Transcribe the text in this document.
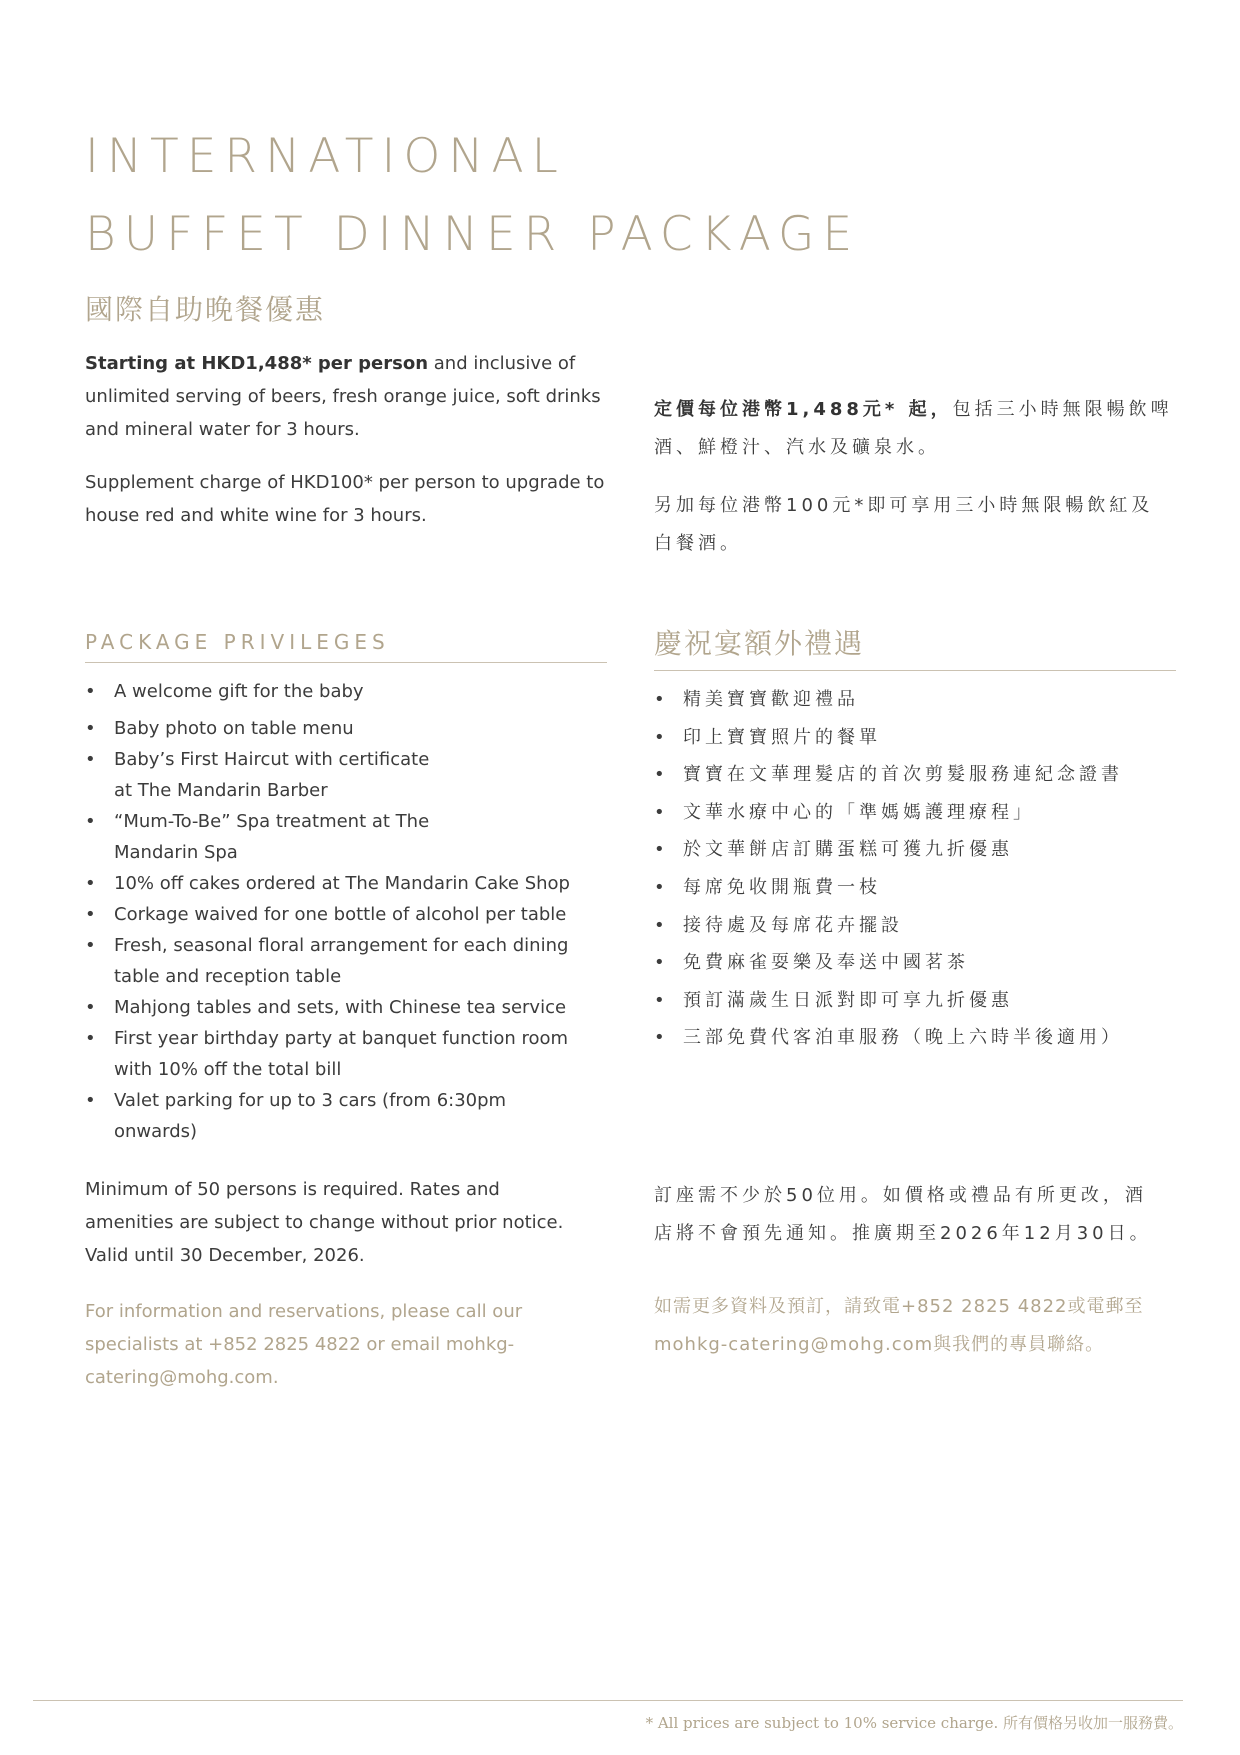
INTERNATIONAL
BUFFET DINNER PACKAGE
國際自助晚餐優惠

Starting at HKD1,488* per person and inclusive of unlimited serving of beers, fresh orange juice, soft drinks and mineral water for 3 hours.

Supplement charge of HKD100* per person to upgrade to house red and white wine for 3 hours.

定價每位港幣1,488元* 起，包括三小時無限暢飲啤酒、鮮橙汁、汽水及礦泉水。

另加每位港幣100元*即可享用三小時無限暢飲紅及白餐酒。

PACKAGE PRIVILEGES	慶祝宴額外禮遇
• A welcome gift for the baby
• Baby photo on table menu
• Baby’s First Haircut with certificate at The Mandarin Barber
• “Mum-To-Be” Spa treatment at The Mandarin Spa
• 10% off cakes ordered at The Mandarin Cake Shop
• Corkage waived for one bottle of alcohol per table
• Fresh, seasonal floral arrangement for each dining table and reception table
• Mahjong tables and sets, with Chinese tea service
• First year birthday party at banquet function room with 10% off the total bill
• Valet parking for up to 3 cars (from 6:30pm onwards)
• 精美寶寶歡迎禮品
• 印上寶寶照片的餐單
• 寶寶在文華理髮店的首次剪髮服務連紀念證書
• 文華水療中心的「準媽媽護理療程」
• 於文華餅店訂購蛋糕可獲九折優惠
• 每席免收開瓶費一枝
• 接待處及每席花卉擺設
• 免費麻雀耍樂及奉送中國茗茶
• 預訂滿歲生日派對即可享九折優惠
• 三部免費代客泊車服務（晚上六時半後適用）

Minimum of 50 persons is required. Rates and amenities are subject to change without prior notice. Valid until 30 December, 2026.

訂座需不少於50位用。如價格或禮品有所更改，酒店將不會預先通知。推廣期至2026年12月30日。

For information and reservations, please call our specialists at +852 2825 4822 or email mohkg-catering@mohg.com.

如需更多資料及預訂，請致電+852 2825 4822或電郵至mohkg-catering@mohg.com與我們的專員聯絡。

* All prices are subject to 10% service charge. 所有價格另收加一服務費。
